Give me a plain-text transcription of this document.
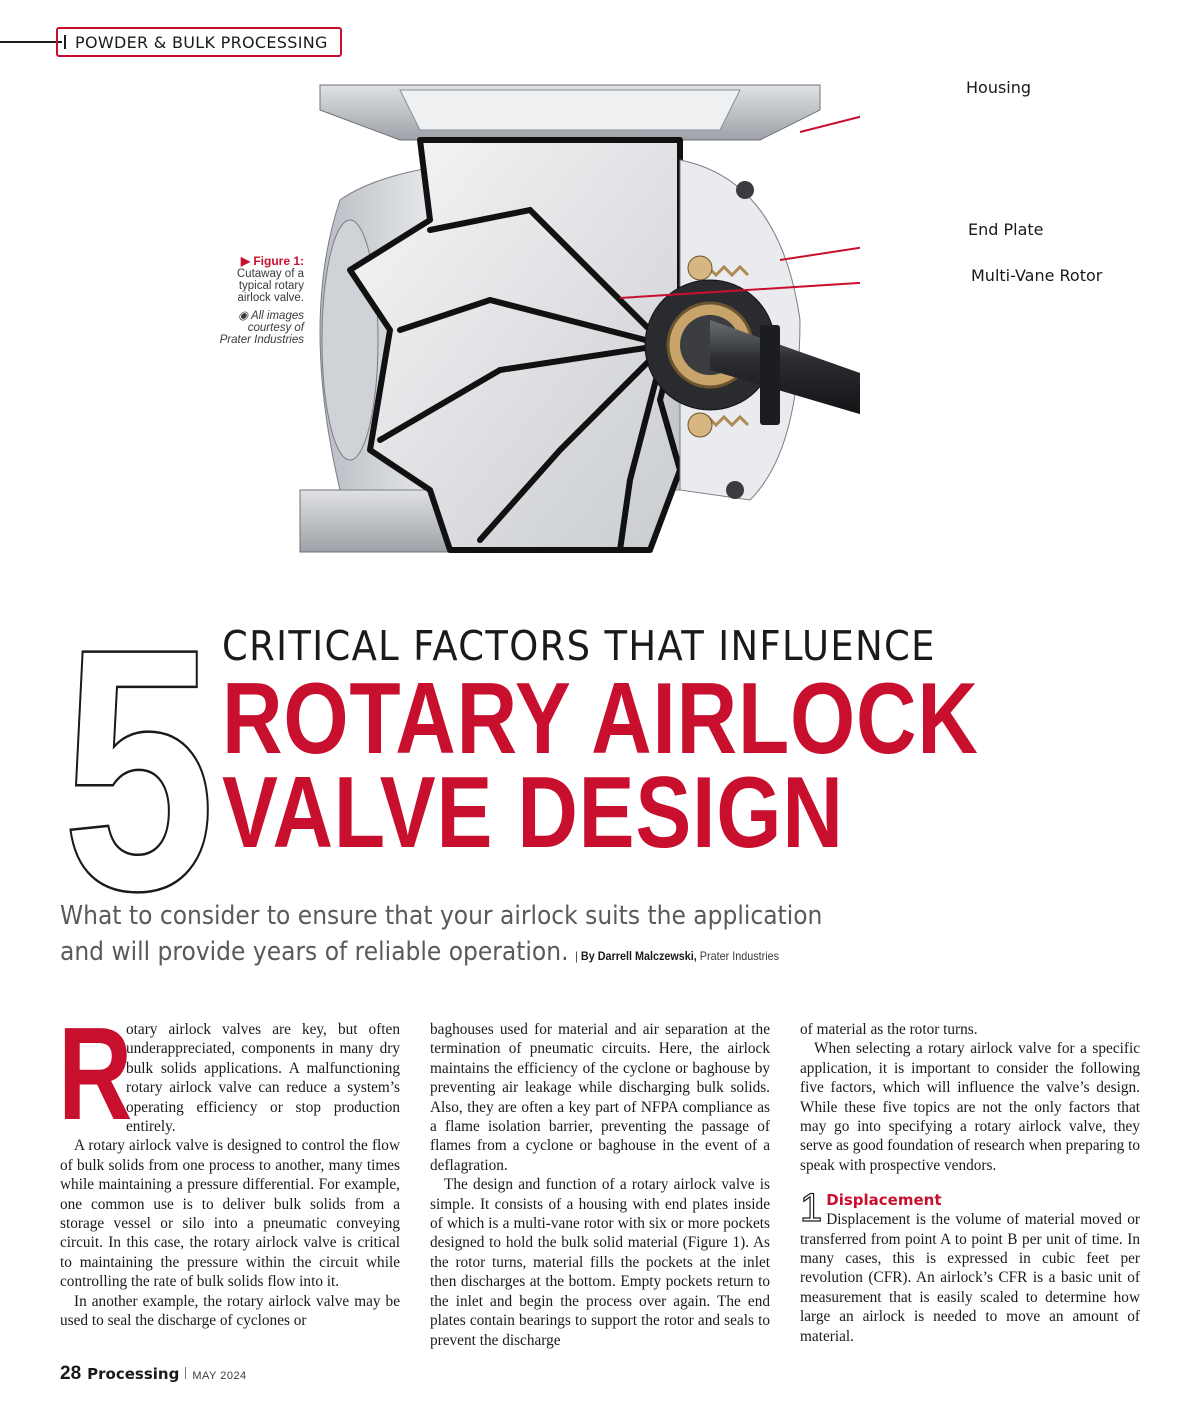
POWDER & BULK PROCESSING
Housing
End Plate
Multi-Vane Rotor
▶ Figure 1:
Cutaway of a
typical rotary
airlock valve.
◉ All images
courtesy of
Prater Industries
5 CRITICAL FACTORS THAT INFLUENCE
ROTARY AIRLOCK
VALVE DESIGN
What to consider to ensure that your airlock suits the application
and will provide years of reliable operation. | By Darrell Malczewski, Prater Industries
R

otary airlock valves are key, but often underappreciated, components in many dry bulk solids applications. A malfunctioning rotary airlock valve can reduce a system’s operating efficiency or stop production entirely.

A rotary airlock valve is designed to control the flow of bulk solids from one process to another, many times while maintaining a pressure differential. For example, one common use is to deliver bulk solids from a storage vessel or silo into a pneumatic conveying circuit. In this case, the rotary airlock valve is critical to maintaining the pressure within the circuit while controlling the rate of bulk solids flow into it.

In another example, the rotary airlock valve may be used to seal the discharge of cyclones or

baghouses used for material and air separation at the termination of pneumatic circuits. Here, the airlock maintains the efficiency of the cyclone or baghouse by preventing air leakage while discharging bulk solids. Also, they are often a key part of NFPA compliance as a flame isolation barrier, preventing the passage of flames from a cyclone or baghouse in the event of a deflagration.

The design and function of a rotary airlock valve is simple. It consists of a housing with end plates inside of which is a multi-vane rotor with six or more pockets designed to hold the bulk solid material (Figure 1). As the rotor turns, material fills the pockets at the inlet then discharges at the bottom. Empty pockets return to the inlet and begin the process over again. The end plates contain bearings to support the rotor and seals to prevent the discharge

of material as the rotor turns.

When selecting a rotary airlock valve for a specific application, it is important to consider the following five factors, which will influence the valve’s design. While these five topics are not the only factors that may go into specifying a rotary airlock valve, they serve as good foundation of research when preparing to speak with prospective vendors.

1 Displacement

Displacement is the volume of material moved or transferred from point A to point B per unit of time. In many cases, this is expressed in cubic feet per revolution (CFR). An airlock’s CFR is a basic unit of measurement that is easily scaled to determine how large an airlock is needed to move an amount of material.

28 Processing MAY 2024
